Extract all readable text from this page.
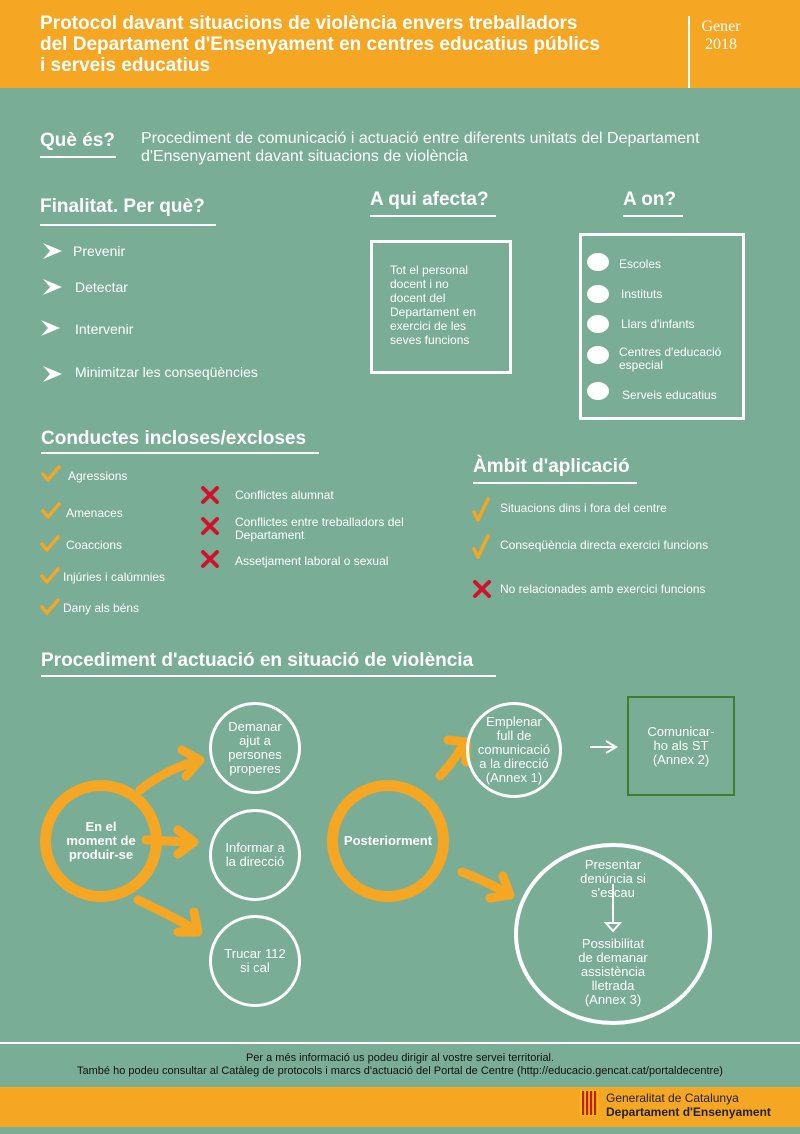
Protocol davant situacions de violència envers treballadors
del Departament d'Ensenyament en centres educatius públics
i serveis educatius
Gener
2018
Què és? Procediment de comunicació i actuació entre diferents unitats del Departament
d'Ensenyament davant situacions de violència
Finalitat. Per què?
Prevenir
Detectar
Intervenir
Minimitzar les conseqüències
A qui afecta?
Tot el personal
docent i no
docent del
Departament en
exercici de les
seves funcions
A on?
Escoles
Instituts
Llars d'infants
Centres d'educació especial
Serveis educatius
Conductes incloses/excloses
Agressions
Amenaces
Coaccions
Injúries i calúmnies
Dany als béns
Conflictes alumnat
Conflictes entre treballadors del Departament
Assetjament laboral o sexual
Àmbit d'aplicació
Situacions dins i fora del centre
Conseqüència directa exercici funcions
No relacionades amb exercici funcions
Procediment d'actuació en situació de violència
En el
moment de
produir-se
Demanar
ajut a
persones
properes
Informar a
la direcció
Trucar 112
si cal
Posteriorment
Emplenar
full de
comunicació
a la direcció
(Annex 1)
Comunicar-
ho als ST
(Annex 2)
Presentar
denúncia si
s'escau
Possibilitat
de demanar
assistència
lletrada
(Annex 3)
Per a més informació us podeu dirigir al vostre servei territorial.
També ho podeu consultar al Catàleg de protocols i marcs d'actuació del Portal de Centre (http://educacio.gencat.cat/portaldecentre)
Generalitat de Catalunya
Departament d'Ensenyament
